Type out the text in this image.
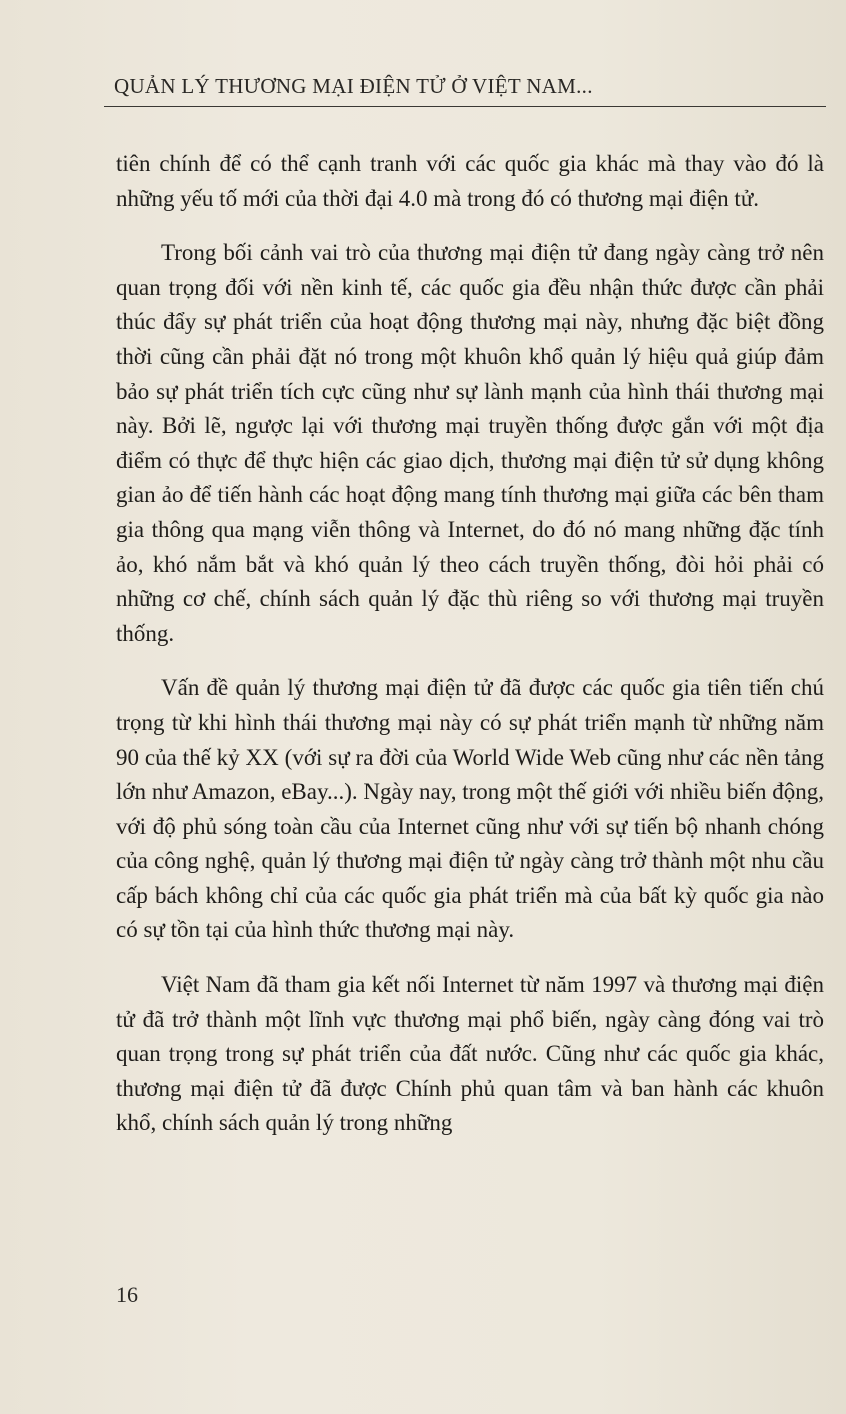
QUẢN LÝ THƯƠNG MẠI ĐIỆN TỬ Ở VIỆT NAM...

tiên chính để có thể cạnh tranh với các quốc gia khác mà thay vào đó là những yếu tố mới của thời đại 4.0 mà trong đó có thương mại điện tử.

Trong bối cảnh vai trò của thương mại điện tử đang ngày càng trở nên quan trọng đối với nền kinh tế, các quốc gia đều nhận thức được cần phải thúc đẩy sự phát triển của hoạt động thương mại này, nhưng đặc biệt đồng thời cũng cần phải đặt nó trong một khuôn khổ quản lý hiệu quả giúp đảm bảo sự phát triển tích cực cũng như sự lành mạnh của hình thái thương mại này. Bởi lẽ, ngược lại với thương mại truyền thống được gắn với một địa điểm có thực để thực hiện các giao dịch, thương mại điện tử sử dụng không gian ảo để tiến hành các hoạt động mang tính thương mại giữa các bên tham gia thông qua mạng viễn thông và Internet, do đó nó mang những đặc tính ảo, khó nắm bắt và khó quản lý theo cách truyền thống, đòi hỏi phải có những cơ chế, chính sách quản lý đặc thù riêng so với thương mại truyền thống.

Vấn đề quản lý thương mại điện tử đã được các quốc gia tiên tiến chú trọng từ khi hình thái thương mại này có sự phát triển mạnh từ những năm 90 của thế kỷ XX (với sự ra đời của World Wide Web cũng như các nền tảng lớn như Amazon, eBay...). Ngày nay, trong một thế giới với nhiều biến động, với độ phủ sóng toàn cầu của Internet cũng như với sự tiến bộ nhanh chóng của công nghệ, quản lý thương mại điện tử ngày càng trở thành một nhu cầu cấp bách không chỉ của các quốc gia phát triển mà của bất kỳ quốc gia nào có sự tồn tại của hình thức thương mại này.

Việt Nam đã tham gia kết nối Internet từ năm 1997 và thương mại điện tử đã trở thành một lĩnh vực thương mại phổ biến, ngày càng đóng vai trò quan trọng trong sự phát triển của đất nước. Cũng như các quốc gia khác, thương mại điện tử đã được Chính phủ quan tâm và ban hành các khuôn khổ, chính sách quản lý trong những

16
